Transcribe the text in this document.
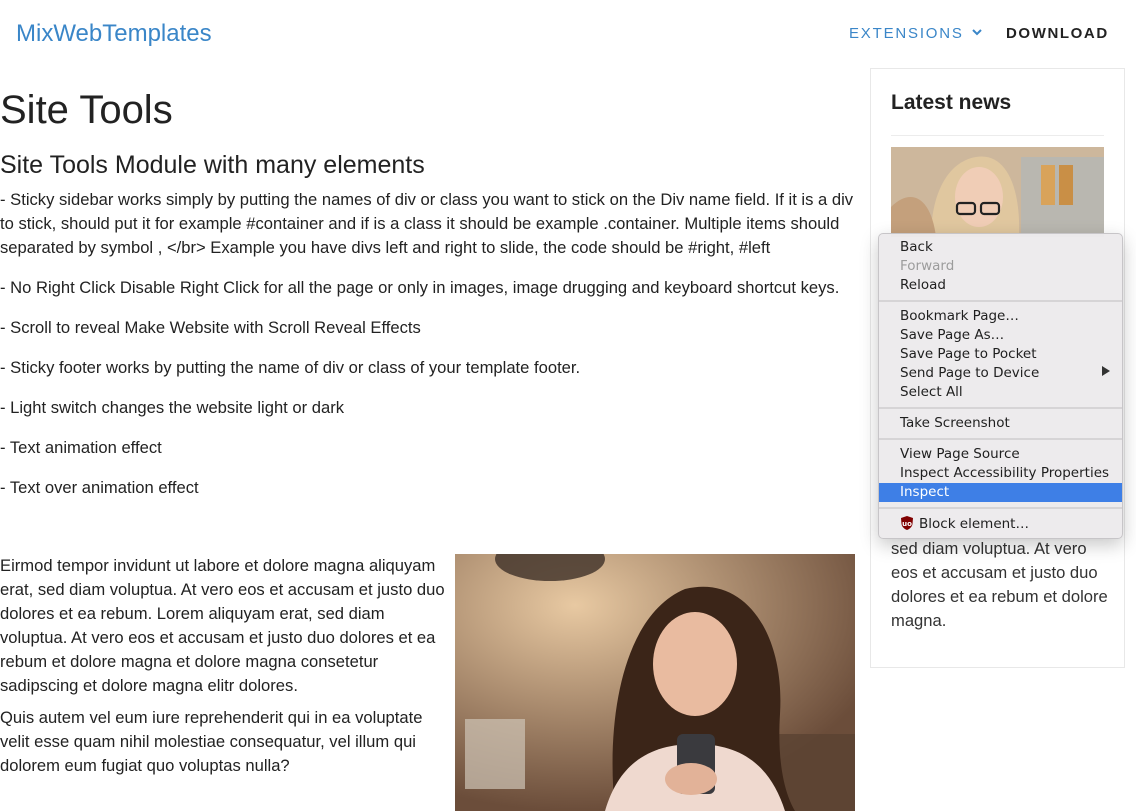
MixWebTemplates	EXTENSIONS	DOWNLOAD
Site Tools
Site Tools Module with many elements

- Sticky sidebar works simply by putting the names of div or class you want to stick on the Div name field. If it is a div to stick, should put it for example #container and if is a class it should be example .container. Multiple items should separated by symbol , </br> Example you have divs left and right to slide, the code should be #right, #left

- No Right Click Disable Right Click for all the page or only in images, image drugging and keyboard shortcut keys.

- Scroll to reveal Make Website with Scroll Reveal Effects

- Sticky footer works by putting the name of div or class of your template footer.

- Light switch changes the website light or dark

- Text animation effect

- Text over animation effect

Eirmod tempor invidunt ut labore et dolore magna aliquyam erat, sed diam voluptua. At vero eos et accusam et justo duo dolores et ea rebum. Lorem aliquyam erat, sed diam voluptua. At vero eos et accusam et justo duo dolores et ea rebum et dolore magna et dolore magna consetetur sadipscing et dolore magna elitr dolores.

Quis autem vel eum iure reprehenderit qui in ea voluptate velit esse quam nihil molestiae consequatur, vel illum qui dolorem eum fugiat quo voluptas nulla?

Latest news
sed diam voluptua. At vero eos et accusam et justo duo dolores et ea rebum et dolore magna.
Back
Forward
Reload
Bookmark Page…
Save Page As…
Save Page to Pocket
Send Page to Device
Select All
Take Screenshot
View Page Source
Inspect Accessibility Properties
Inspect
uo Block element…
